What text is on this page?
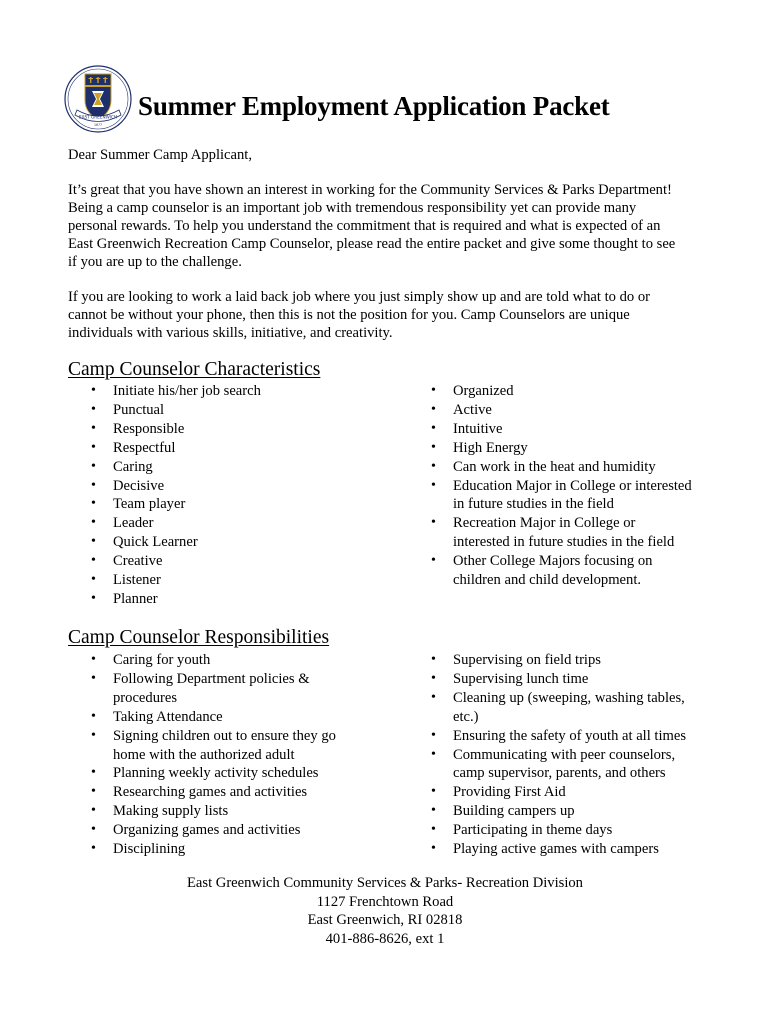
EAST GREENWICH
1677
Summer Employment Application Packet

Dear Summer Camp Applicant,

It’s great that you have shown an interest in working for the Community Services & Parks Department!
Being a camp counselor is an important job with tremendous responsibility yet can provide many
personal rewards. To help you understand the commitment that is required and what is expected of an
East Greenwich Recreation Camp Counselor, please read the entire packet and give some thought to see
if you are up to the challenge.

If you are looking to work a laid back job where you just simply show up and are told what to do or
cannot be without your phone, then this is not the position for you. Camp Counselors are unique
individuals with various skills, initiative, and creativity.

Camp Counselor Characteristics
• Initiate his/her job search
• Punctual
• Responsible
• Respectful
• Caring
• Decisive
• Team player
• Leader
• Quick Learner
• Creative
• Listener
• Planner
• Organized
• Active
• Intuitive
• High Energy
• Can work in the heat and humidity
• Education Major in College or interested
in future studies in the field
• Recreation Major in College or
interested in future studies in the field
• Other College Majors focusing on
children and child development.
Camp Counselor Responsibilities
• Caring for youth
• Following Department policies &
procedures
• Taking Attendance
• Signing children out to ensure they go
home with the authorized adult
• Planning weekly activity schedules
• Researching games and activities
• Making supply lists
• Organizing games and activities
• Disciplining
• Supervising on field trips
• Supervising lunch time
• Cleaning up (sweeping, washing tables,
etc.)
• Ensuring the safety of youth at all times
• Communicating with peer counselors,
camp supervisor, parents, and others
• Providing First Aid
• Building campers up
• Participating in theme days
• Playing active games with campers
East Greenwich Community Services & Parks- Recreation Division
1127 Frenchtown Road
East Greenwich, RI 02818
401-886-8626, ext 1
